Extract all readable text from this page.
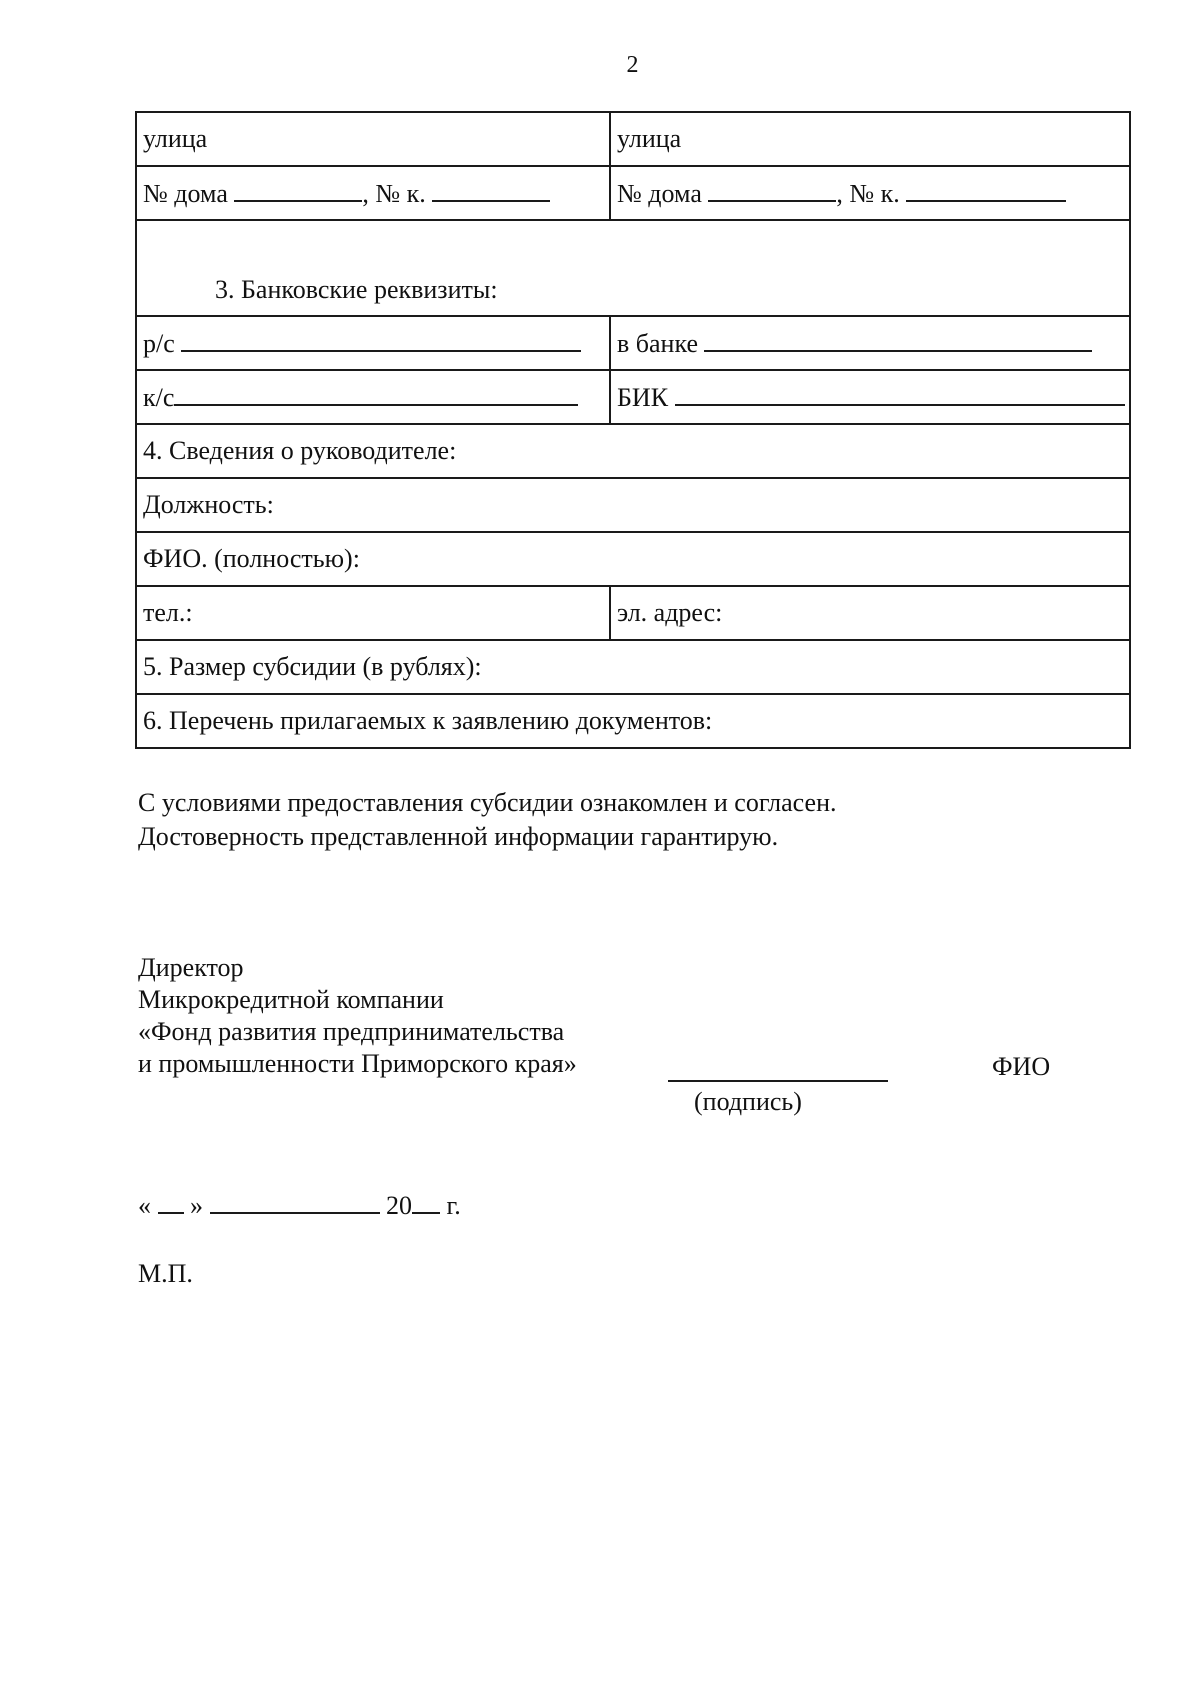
2
улица	улица
№ дома , № к.	№ дома , № к.
3. Банковские реквизиты:	
р/с	в банке
к/с	БИК
4. Сведения о руководителе:	
Должность:	
ФИО. (полностью):	
тел.:	эл. адрес:
5. Размер субсидии (в рублях):	
6. Перечень прилагаемых к заявлению документов:	
С условиями предоставления субсидии ознакомлен и согласен.
Достоверность представленной информации гарантирую.
Директор
Микрокредитной компании
«Фонд развития предпринимательства
и промышленности Приморского края»
(подпись)
ФИО
« »	20 г.
М.П.
